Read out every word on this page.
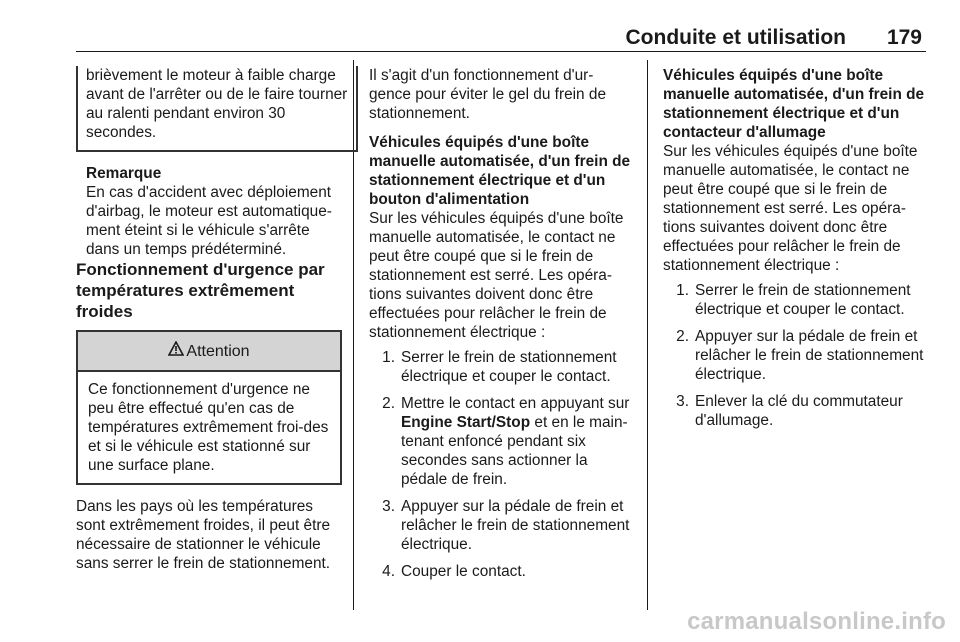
Conduite et utilisation 179

brièvement le moteur à faible charge avant de l'arrêter ou de le faire tourner au ralenti pendant environ 30 secondes.

Remarque

En cas d'accident avec déploiement d'airbag, le moteur est automatique-ment éteint si le véhicule s'arrête dans un temps prédéterminé.

Fonctionnement d'urgence par températures extrêmement froides

Attention

Ce fonctionnement d'urgence ne peu être effectué qu'en cas de températures extrêmement froi-des et si le véhicule est stationné sur une surface plane.

Dans les pays où les températures sont extrêmement froides, il peut être nécessaire de stationner le véhicule sans serrer le frein de stationnement.

Il s'agit d'un fonctionnement d'ur-gence pour éviter le gel du frein de stationnement.

Véhicules équipés d'une boîte manuelle automatisée, d'un frein de stationnement électrique et d'un bouton d'alimentation

Sur les véhicules équipés d'une boîte manuelle automatisée, le contact ne peut être coupé que si le frein de stationnement est serré. Les opéra-tions suivantes doivent donc être effectuées pour relâcher le frein de stationnement électrique :

1. Serrer le frein de stationnement électrique et couper le contact.
2. Mettre le contact en appuyant sur Engine Start/Stop et en le main-tenant enfoncé pendant six secondes sans actionner la pédale de frein.
3. Appuyer sur la pédale de frein et relâcher le frein de stationnement électrique.
4. Couper le contact.

Véhicules équipés d'une boîte manuelle automatisée, d'un frein de stationnement électrique et d'un contacteur d'allumage

Sur les véhicules équipés d'une boîte manuelle automatisée, le contact ne peut être coupé que si le frein de stationnement est serré. Les opéra-tions suivantes doivent donc être effectuées pour relâcher le frein de stationnement électrique :

1. Serrer le frein de stationnement électrique et couper le contact.
2. Appuyer sur la pédale de frein et relâcher le frein de stationnement électrique.
3. Enlever la clé du commutateur d'allumage.
carmanualsonline.info
